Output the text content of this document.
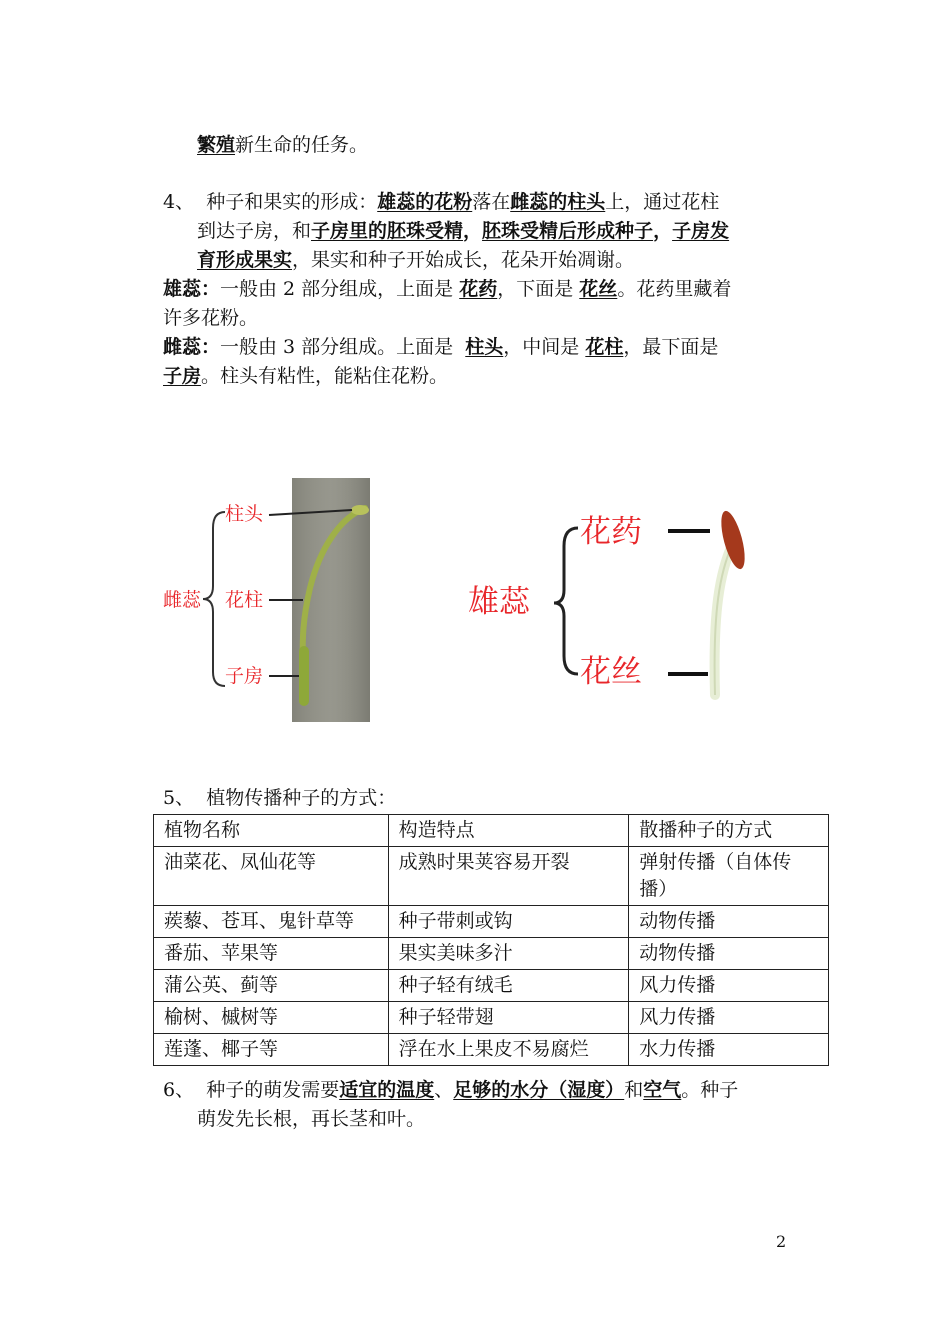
繁殖新生命的任务。
4、 种子和果实的形成：雄蕊的花粉落在雌蕊的柱头上，通过花柱
到达子房，和子房里的胚珠受精，胚珠受精后形成种子，子房发
育形成果实，果实和种子开始成长，花朵开始凋谢。
雄蕊：一般由 2 部分组成，上面是 花药，下面是 花丝。花药里藏着
许多花粉。
雌蕊：一般由 3 部分组成。上面是  柱头，中间是 花柱，最下面是
子房。柱头有粘性，能粘住花粉。
雌蕊
柱头
花柱
子房
雄蕊
花药
花丝
5、 植物传播种子的方式：
植物名称	构造特点	散播种子的方式
油菜花、凤仙花等	成熟时果荚容易开裂	弹射传播（自体传播）
蒺藜、苍耳、鬼针草等	种子带刺或钩	动物传播
番茄、苹果等	果实美味多汁	动物传播
蒲公英、蓟等	种子轻有绒毛	风力传播
榆树、槭树等	种子轻带翅	风力传播
莲蓬、椰子等	浮在水上果皮不易腐烂	水力传播
6、 种子的萌发需要适宜的温度、足够的水分（湿度）和空气。种子
萌发先长根，再长茎和叶。
2
